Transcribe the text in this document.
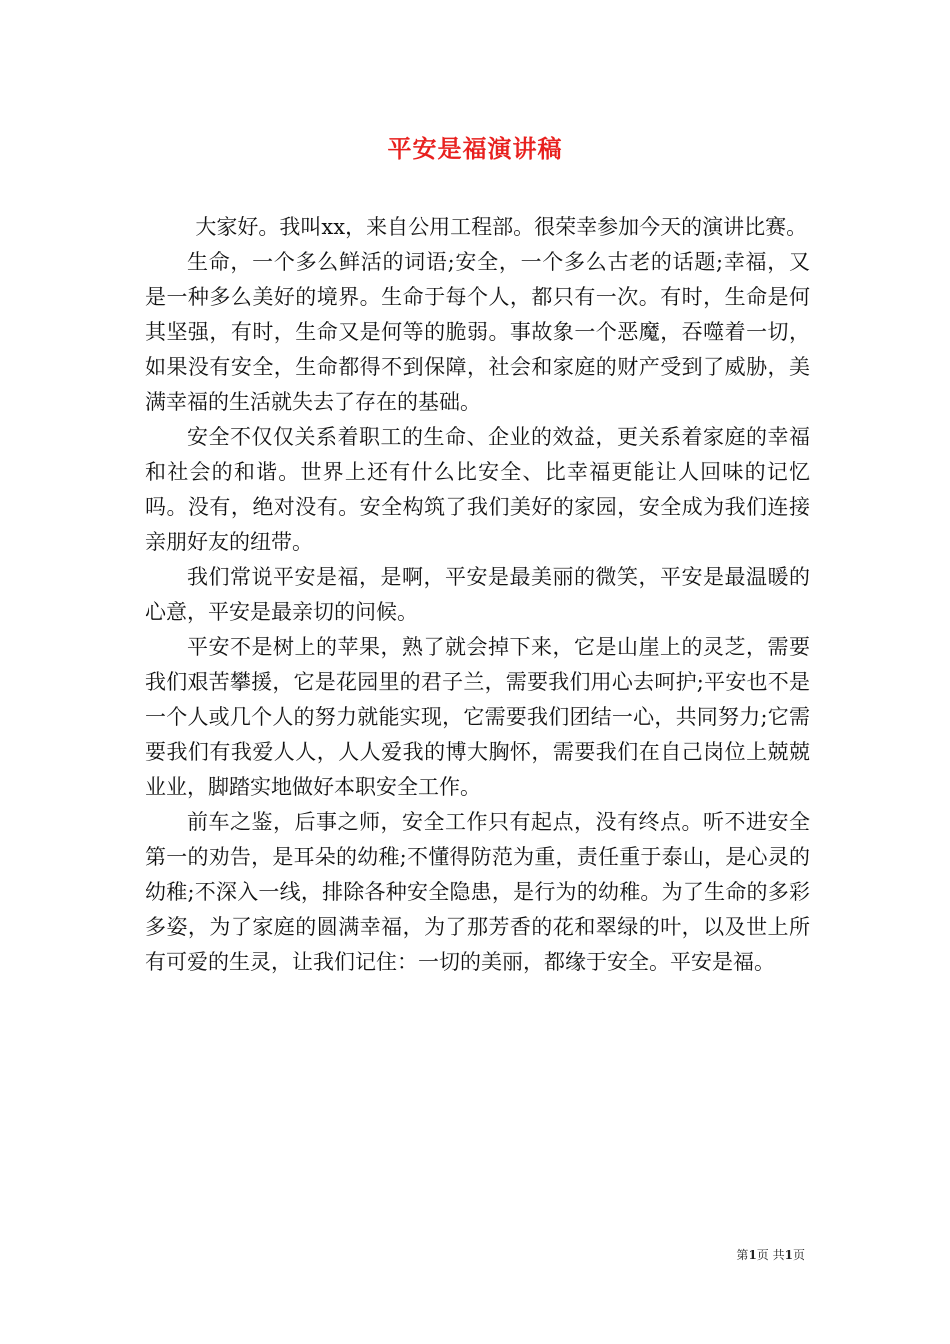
平安是福演讲稿

大家好。我叫xx，来自公用工程部。很荣幸参加今天的演讲比赛。

生命，一个多么鲜活的词语;安全，一个多么古老的话题;幸福，又是一种多么美好的境界。生命于每个人，都只有一次。有时，生命是何其坚强，有时，生命又是何等的脆弱。事故象一个恶魔，吞噬着一切，如果没有安全，生命都得不到保障，社会和家庭的财产受到了威胁，美满幸福的生活就失去了存在的基础。

安全不仅仅关系着职工的生命、企业的效益，更关系着家庭的幸福和社会的和谐。世界上还有什么比安全、比幸福更能让人回味的记忆吗。没有，绝对没有。安全构筑了我们美好的家园，安全成为我们连接亲朋好友的纽带。

我们常说平安是福，是啊，平安是最美丽的微笑，平安是最温暖的心意，平安是最亲切的问候。

平安不是树上的苹果，熟了就会掉下来，它是山崖上的灵芝，需要我们艰苦攀援，它是花园里的君子兰，需要我们用心去呵护;平安也不是一个人或几个人的努力就能实现，它需要我们团结一心，共同努力;它需要我们有我爱人人，人人爱我的博大胸怀，需要我们在自己岗位上兢兢业业，脚踏实地做好本职安全工作。

前车之鉴，后事之师，安全工作只有起点，没有终点。听不进安全第一的劝告，是耳朵的幼稚;不懂得防范为重，责任重于泰山，是心灵的幼稚;不深入一线，排除各种安全隐患，是行为的幼稚。为了生命的多彩多姿，为了家庭的圆满幸福，为了那芳香的花和翠绿的叶，以及世上所有可爱的生灵，让我们记住：一切的美丽，都缘于安全。平安是福。

第1页 共1页
